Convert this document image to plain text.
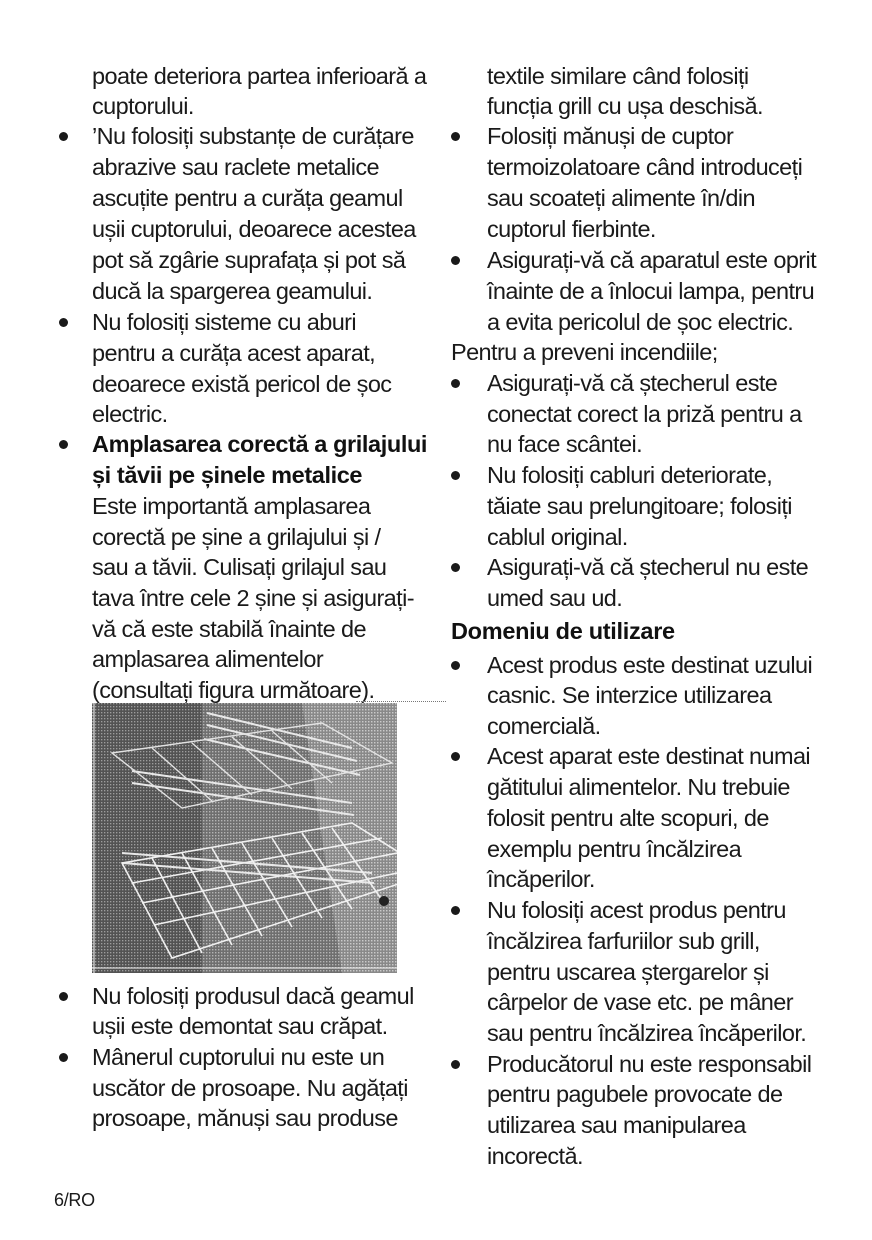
poate deteriora partea inferioară a
cuptorului.
’Nu folosiți substanțe de curățare
abrazive sau raclete metalice
ascuțite pentru a curăța geamul
ușii cuptorului, deoarece acestea
pot să zgârie suprafața și pot să
ducă la spargerea geamului.
Nu folosiți sisteme cu aburi
pentru a curăța acest aparat,
deoarece există pericol de șoc
electric.
Amplasarea corectă a grilajului
și tăvii pe șinele metalice
Este importantă amplasarea
corectă pe șine a grilajului și /
sau a tăvii. Culisați grilajul sau
tava între cele 2 șine și asigurați-
vă că este stabilă înainte de
amplasarea alimentelor
(consultați figura următoare).
Nu folosiți produsul dacă geamul
ușii este demontat sau crăpat.
Mânerul cuptorului nu este un
uscător de prosoape. Nu agățați
prosoape, mănuși sau produse
textile similare când folosiți
funcția grill cu ușa deschisă.
Folosiți mănuși de cuptor
termoizolatoare când introduceți
sau scoateți alimente în/din
cuptorul fierbinte.
Asigurați-vă că aparatul este oprit
înainte de a înlocui lampa, pentru
a evita pericolul de șoc electric.
Pentru a preveni incendiile;
Asigurați-vă că ștecherul este
conectat corect la priză pentru a
nu face scântei.
Nu folosiți cabluri deteriorate,
tăiate sau prelungitoare; folosiți
cablul original.
Asigurați-vă că ștecherul nu este
umed sau ud.
Domeniu de utilizare
Acest produs este destinat uzului
casnic. Se interzice utilizarea
comercială.
Acest aparat este destinat numai
gătitului alimentelor. Nu trebuie
folosit pentru alte scopuri, de
exemplu pentru încălzirea
încăperilor.
Nu folosiți acest produs pentru
încălzirea farfuriilor sub grill,
pentru uscarea ștergarelor și
cârpelor de vase etc. pe mâner
sau pentru încălzirea încăperilor.
Producătorul nu este responsabil
pentru pagubele provocate de
utilizarea sau manipularea
incorectă.
6/RO
